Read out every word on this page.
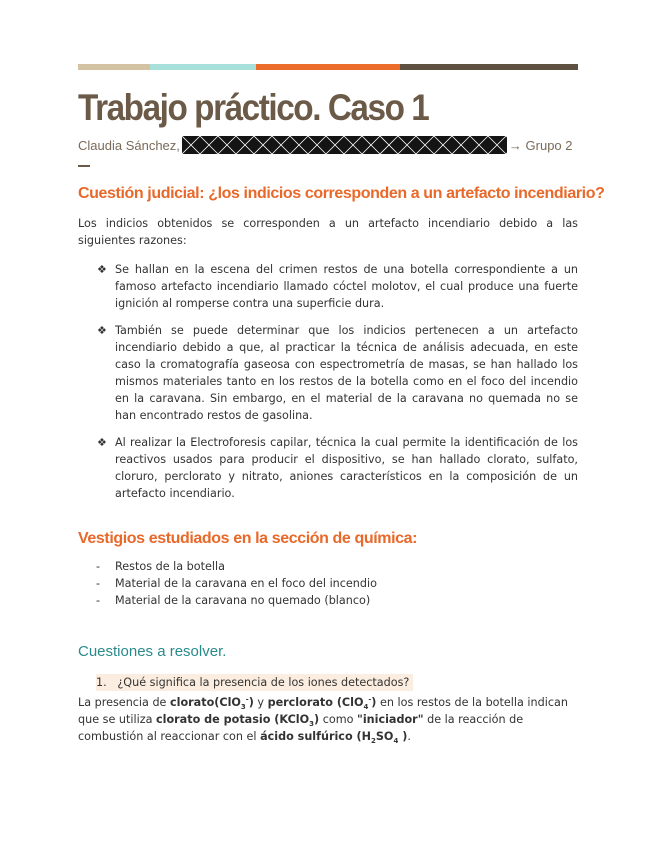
Trabajo práctico. Caso 1
Claudia Sánchez,	→ Grupo 2
Cuestión judicial: ¿los indicios corresponden a un artefacto incendiario?

Los indicios obtenidos se corresponden a un artefacto incendiario debido a las siguientes razones:

❖ Se hallan en la escena del crimen restos de una botella correspondiente a un famoso artefacto incendiario llamado cóctel molotov, el cual produce una fuerte ignición al romperse contra una superficie dura.
❖ También se puede determinar que los indicios pertenecen a un artefacto incendiario debido a que, al practicar la técnica de análisis adecuada, en este caso la cromatografía gaseosa con espectrometría de masas, se han hallado los mismos materiales tanto en los restos de la botella como en el foco del incendio en la caravana. Sin embargo, en el material de la caravana no quemada no se han encontrado restos de gasolina.
❖ Al realizar la Electroforesis capilar, técnica la cual permite la identificación de los reactivos usados para producir el dispositivo, se han hallado clorato, sulfato, cloruro, perclorato y nitrato, aniones característicos en la composición de un artefacto incendiario.
Vestigios estudiados en la sección de química:
- Restos de la botella
- Material de la caravana en el foco del incendio
- Material de la caravana no quemado (blanco)
Cuestiones a resolver.
1. ¿Qué significa la presencia de los iones detectados?

La presencia de clorato(ClO$_3$-) y perclorato (ClO$_4$-) en los restos de la botella indican que se utiliza clorato de potasio (KClO$_3$) como "iniciador" de la reacción de combustión al reaccionar con el ácido sulfúrico ($H_2SO_4$ ).
